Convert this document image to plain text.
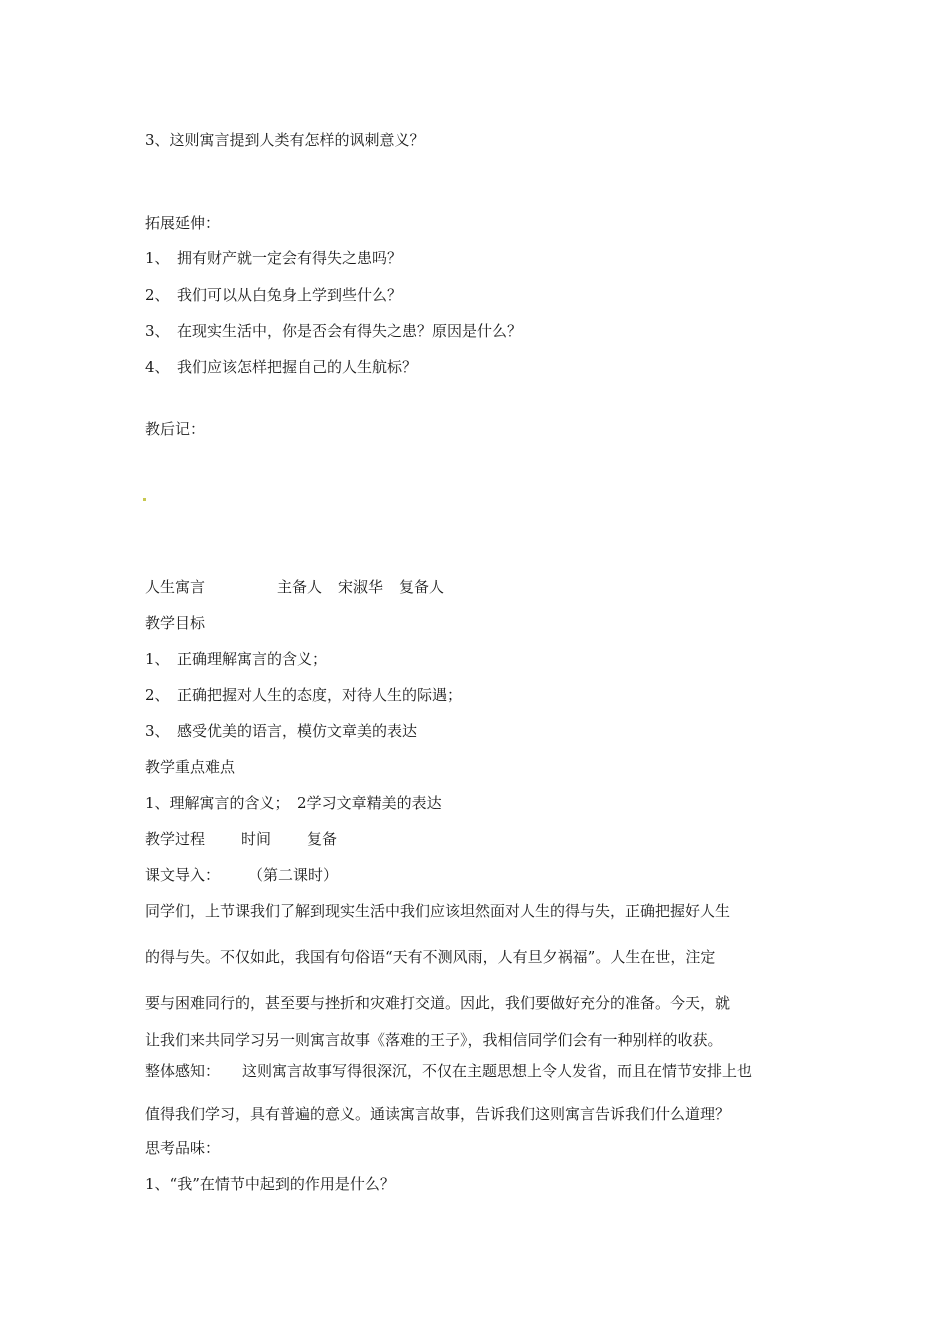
3、这则寓言提到人类有怎样的讽刺意义？
拓展延伸：
1、　拥有财产就一定会有得失之患吗？
2、　我们可以从白兔身上学到些什么？
3、　在现实生活中，你是否会有得失之患？原因是什么？
4、　我们应该怎样把握自己的人生航标？
教后记：
人生寓言	主备人 宋淑华 复备人
教学目标
1、　正确理解寓言的含义；
2、　正确把握对人生的态度，对待人生的际遇；
3、　感受优美的语言，模仿文章美的表达
教学重点难点
1、理解寓言的含义；　2学习文章精美的表达
教学过程 时间 复备
课文导入： （第二课时）
同学们，上节课我们了解到现实生活中我们应该坦然面对人生的得与失，正确把握好人生
的得与失。不仅如此，我国有句俗语“天有不测风雨，人有旦夕祸福”。人生在世，注定
要与困难同行的，甚至要与挫折和灾难打交道。因此，我们要做好充分的准备。今天，就
让我们来共同学习另一则寓言故事《落难的王子》，我相信同学们会有一种别样的收获。
整体感知： 这则寓言故事写得很深沉，不仅在主题思想上令人发省，而且在情节安排上也
值得我们学习，具有普遍的意义。通读寓言故事，告诉我们这则寓言告诉我们什么道理？
思考品味：
1、“我”在情节中起到的作用是什么？
